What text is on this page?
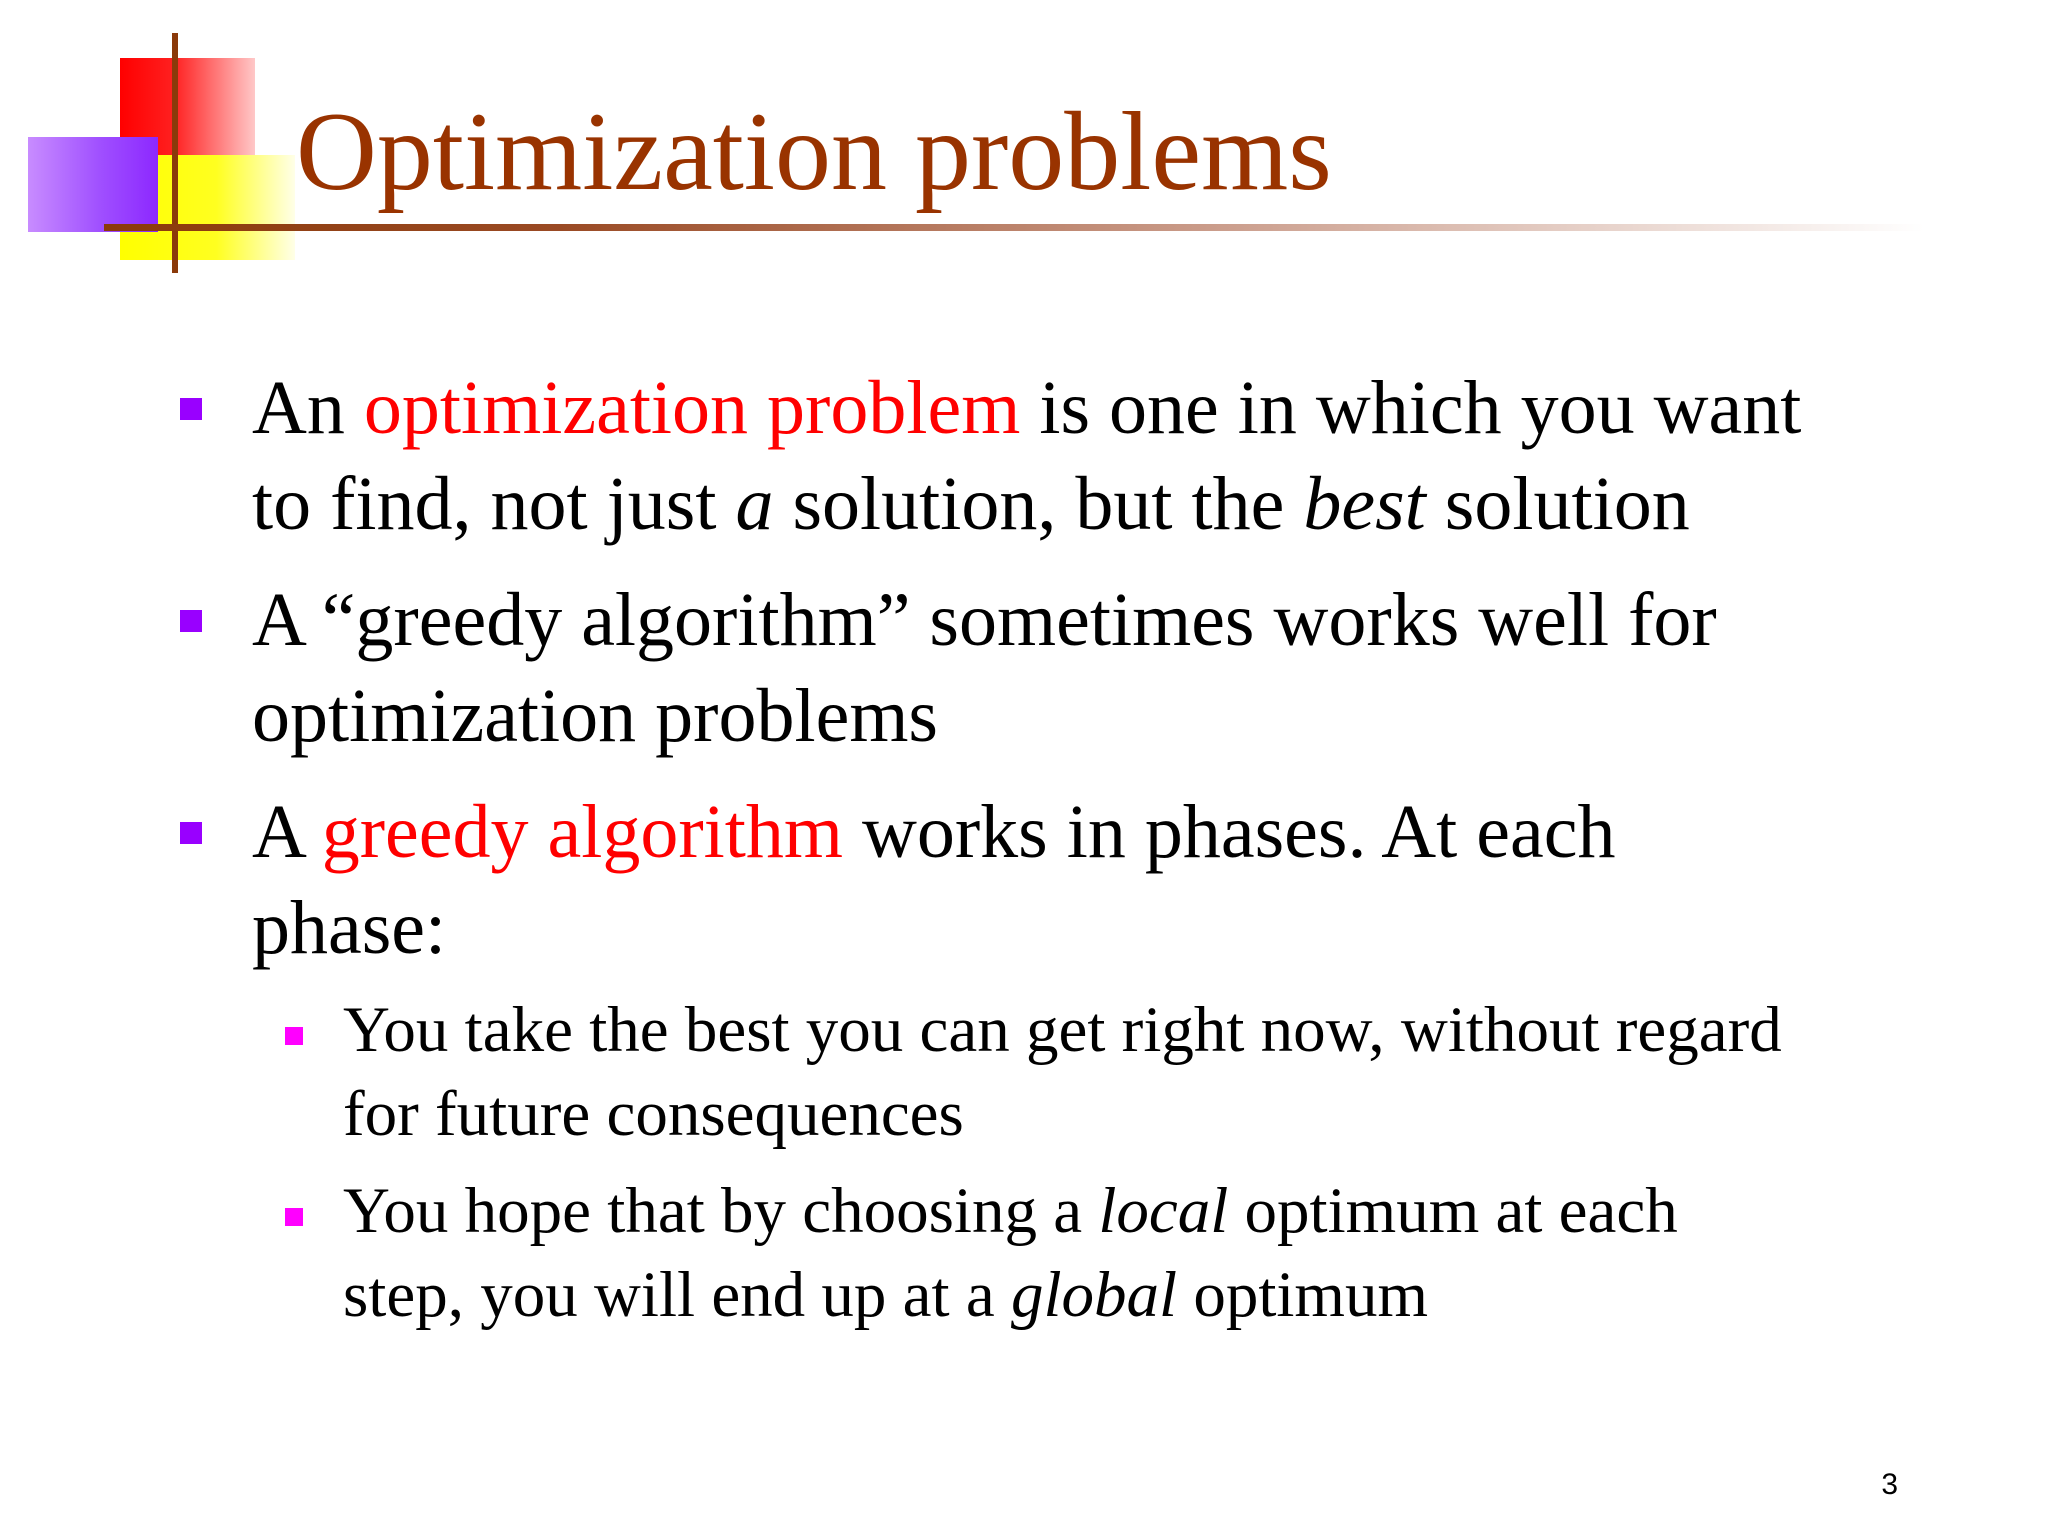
Optimization problems

An optimization problem is one in which you want
to find, not just a solution, but the best solution

A “greedy algorithm” sometimes works well for
optimization problems

A greedy algorithm works in phases. At each
phase:

You take the best you can get right now, without regard
for future consequences

You hope that by choosing a local optimum at each
step, you will end up at a global optimum

3
